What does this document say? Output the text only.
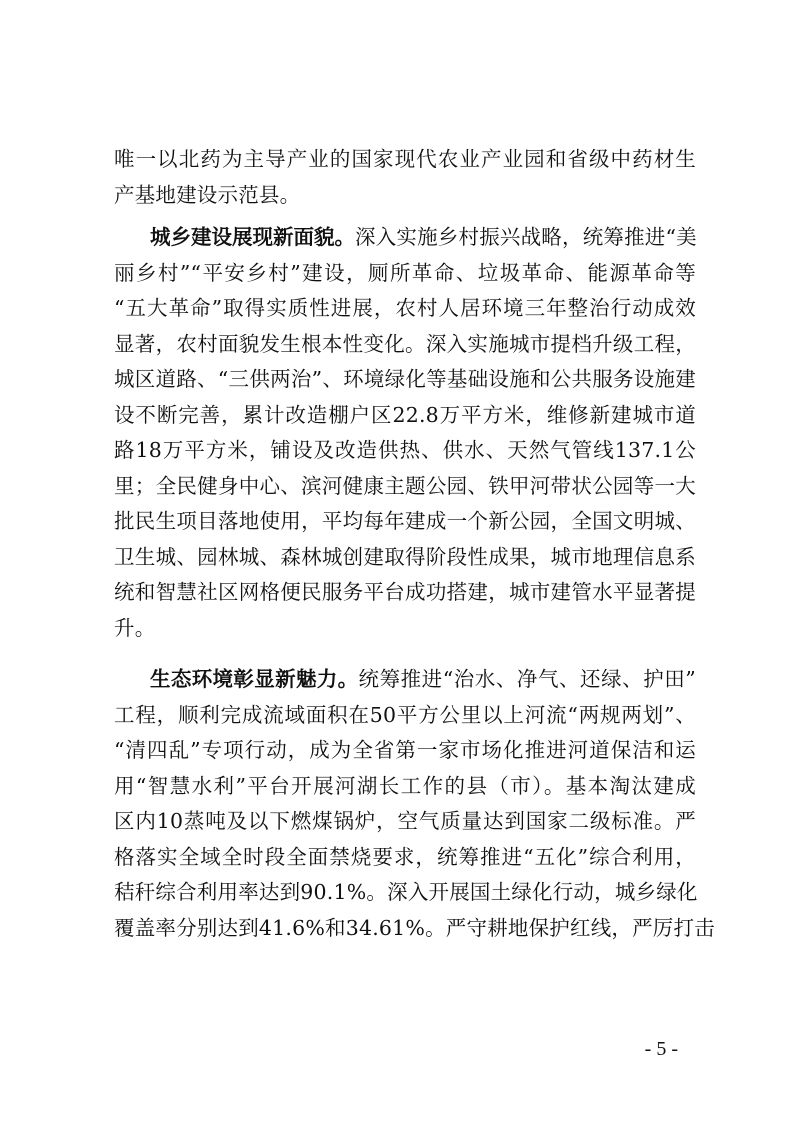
唯一以北药为主导产业的国家现代农业产业园和省级中药材生
产基地建设示范县。
城乡建设展现新面貌。深入实施乡村振兴战略，统筹推进“美
丽乡村”“平安乡村”建设，厕所革命、垃圾革命、能源革命等
“五大革命”取得实质性进展，农村人居环境三年整治行动成效
显著，农村面貌发生根本性变化。深入实施城市提档升级工程，
城区道路、“三供两治”、环境绿化等基础设施和公共服务设施建
设不断完善，累计改造棚户区22.8万平方米，维修新建城市道
路18万平方米，铺设及改造供热、供水、天然气管线137.1公
里；全民健身中心、滨河健康主题公园、铁甲河带状公园等一大
批民生项目落地使用，平均每年建成一个新公园，全国文明城、
卫生城、园林城、森林城创建取得阶段性成果，城市地理信息系
统和智慧社区网格便民服务平台成功搭建，城市建管水平显著提
升。
生态环境彰显新魅力。统筹推进“治水、净气、还绿、护田”
工程，顺利完成流域面积在50平方公里以上河流“两规两划”、
“清四乱”专项行动，成为全省第一家市场化推进河道保洁和运
用“智慧水利”平台开展河湖长工作的县（市）。基本淘汰建成
区内10蒸吨及以下燃煤锅炉，空气质量达到国家二级标准。严
格落实全域全时段全面禁烧要求，统筹推进“五化”综合利用，
秸秆综合利用率达到90.1%。深入开展国土绿化行动，城乡绿化
覆盖率分别达到41.6%和34.61%。严守耕地保护红线，严厉打击
- 5 -
